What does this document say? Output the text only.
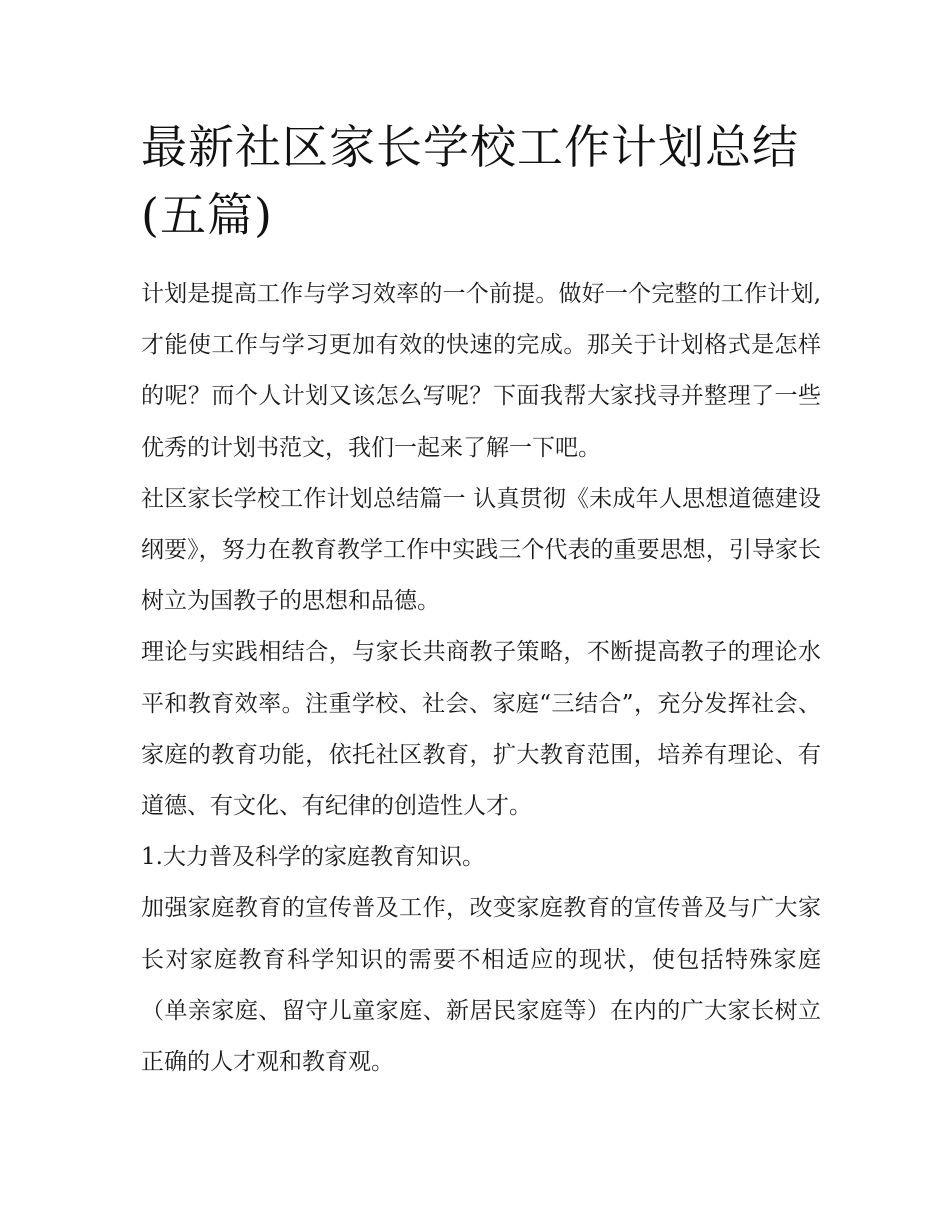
最新社区家长学校工作计划总结(五篇)

计划是提高工作与学习效率的一个前提。做好一个完整的工作计划,才能使工作与学习更加有效的快速的完成。那关于计划格式是怎样的呢？而个人计划又该怎么写呢？下面我帮大家找寻并整理了一些优秀的计划书范文，我们一起来了解一下吧。

社区家长学校工作计划总结篇一 认真贯彻《未成年人思想道德建设纲要》，努力在教育教学工作中实践三个代表的重要思想，引导家长树立为国教子的思想和品德。

理论与实践相结合，与家长共商教子策略，不断提高教子的理论水平和教育效率。注重学校、社会、家庭“三结合”，充分发挥社会、家庭的教育功能，依托社区教育，扩大教育范围，培养有理论、有道德、有文化、有纪律的创造性人才。

1.大力普及科学的家庭教育知识。

加强家庭教育的宣传普及工作，改变家庭教育的宣传普及与广大家长对家庭教育科学知识的需要不相适应的现状，使包括特殊家庭（单亲家庭、留守儿童家庭、新居民家庭等）在内的广大家长树立正确的人才观和教育观。
